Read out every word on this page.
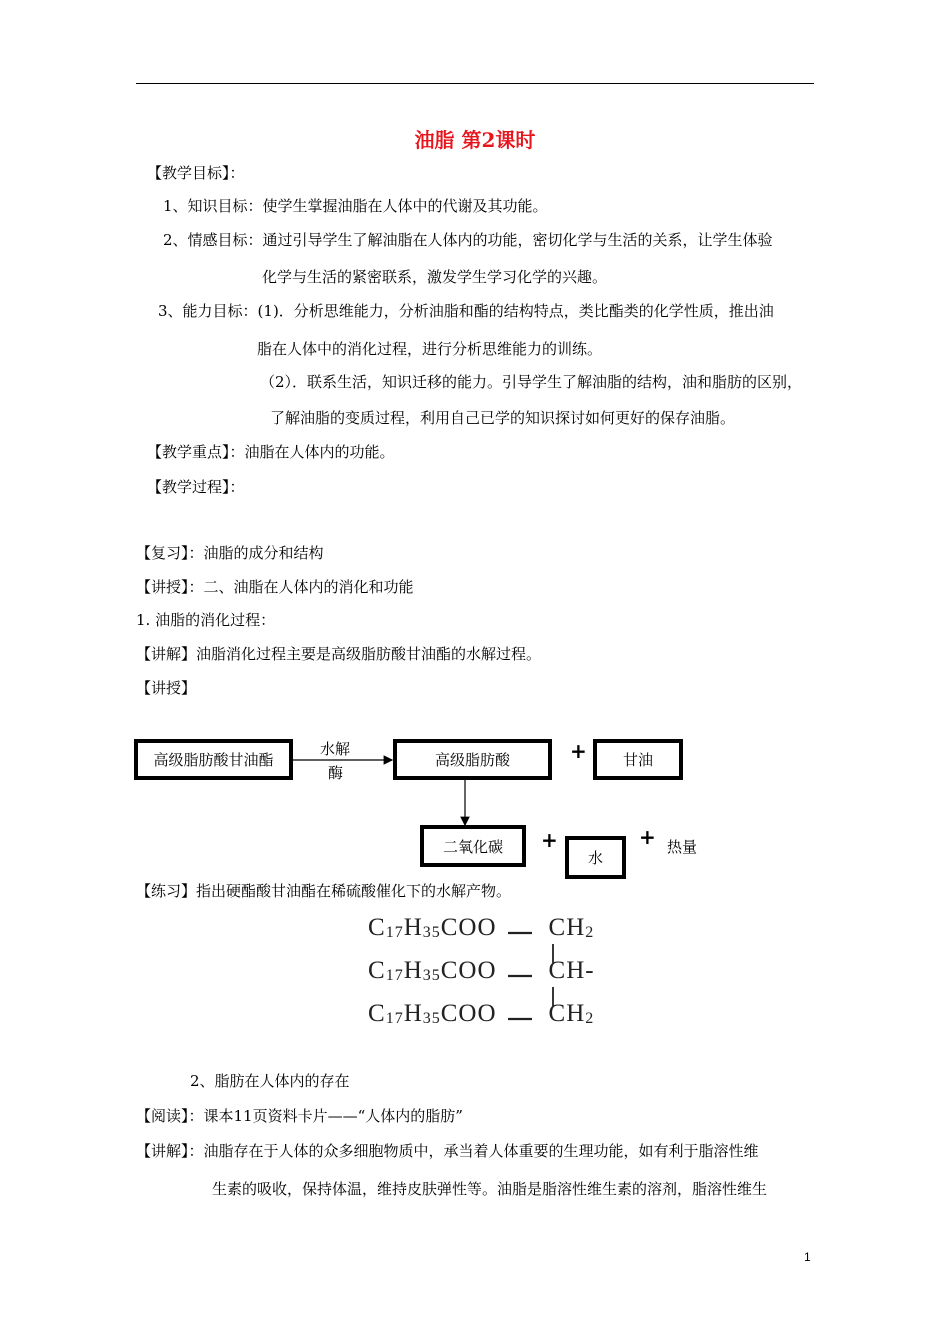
油脂 第2课时
【教学目标】：
1、知识目标：使学生掌握油脂在人体中的代谢及其功能。
2、情感目标：通过引导学生了解油脂在人体内的功能，密切化学与生活的关系，让学生体验
化学与生活的紧密联系，激发学生学习化学的兴趣。
3、能力目标：(1)．分析思维能力，分析油脂和酯的结构特点，类比酯类的化学性质，推出油
脂在人体中的消化过程，进行分析思维能力的训练。
（2）．联系生活，知识迁移的能力。引导学生了解油脂的结构，油和脂肪的区别，
了解油脂的变质过程，利用自己已学的知识探讨如何更好的保存油脂。
【教学重点】：油脂在人体内的功能。
【教学过程】：
【复习】：油脂的成分和结构
【讲授】：二、油脂在人体内的消化和功能
1. 油脂的消化过程：
【讲解】油脂消化过程主要是高级脂肪酸甘油酯的水解过程。
【讲授】
高级脂肪酸甘油酯
水解
酶
高级脂肪酸	+	甘油
二氧化碳	+
水
+ 热量
【练习】指出硬酯酸甘油酯在稀硫酸催化下的水解产物。
$C_{17}H_{35}COO$ $CH_2$
$C_{17}H_{35}COO$ CH-
$C_{17}H_{35}COO$ $CH_2$
2、脂肪在人体内的存在
【阅读】：课本11页资料卡片——“人体内的脂肪”
【讲解】：油脂存在于人体的众多细胞物质中，承当着人体重要的生理功能，如有利于脂溶性维
生素的吸收，保持体温，维持皮肤弹性等。油脂是脂溶性维生素的溶剂，脂溶性维生
1
